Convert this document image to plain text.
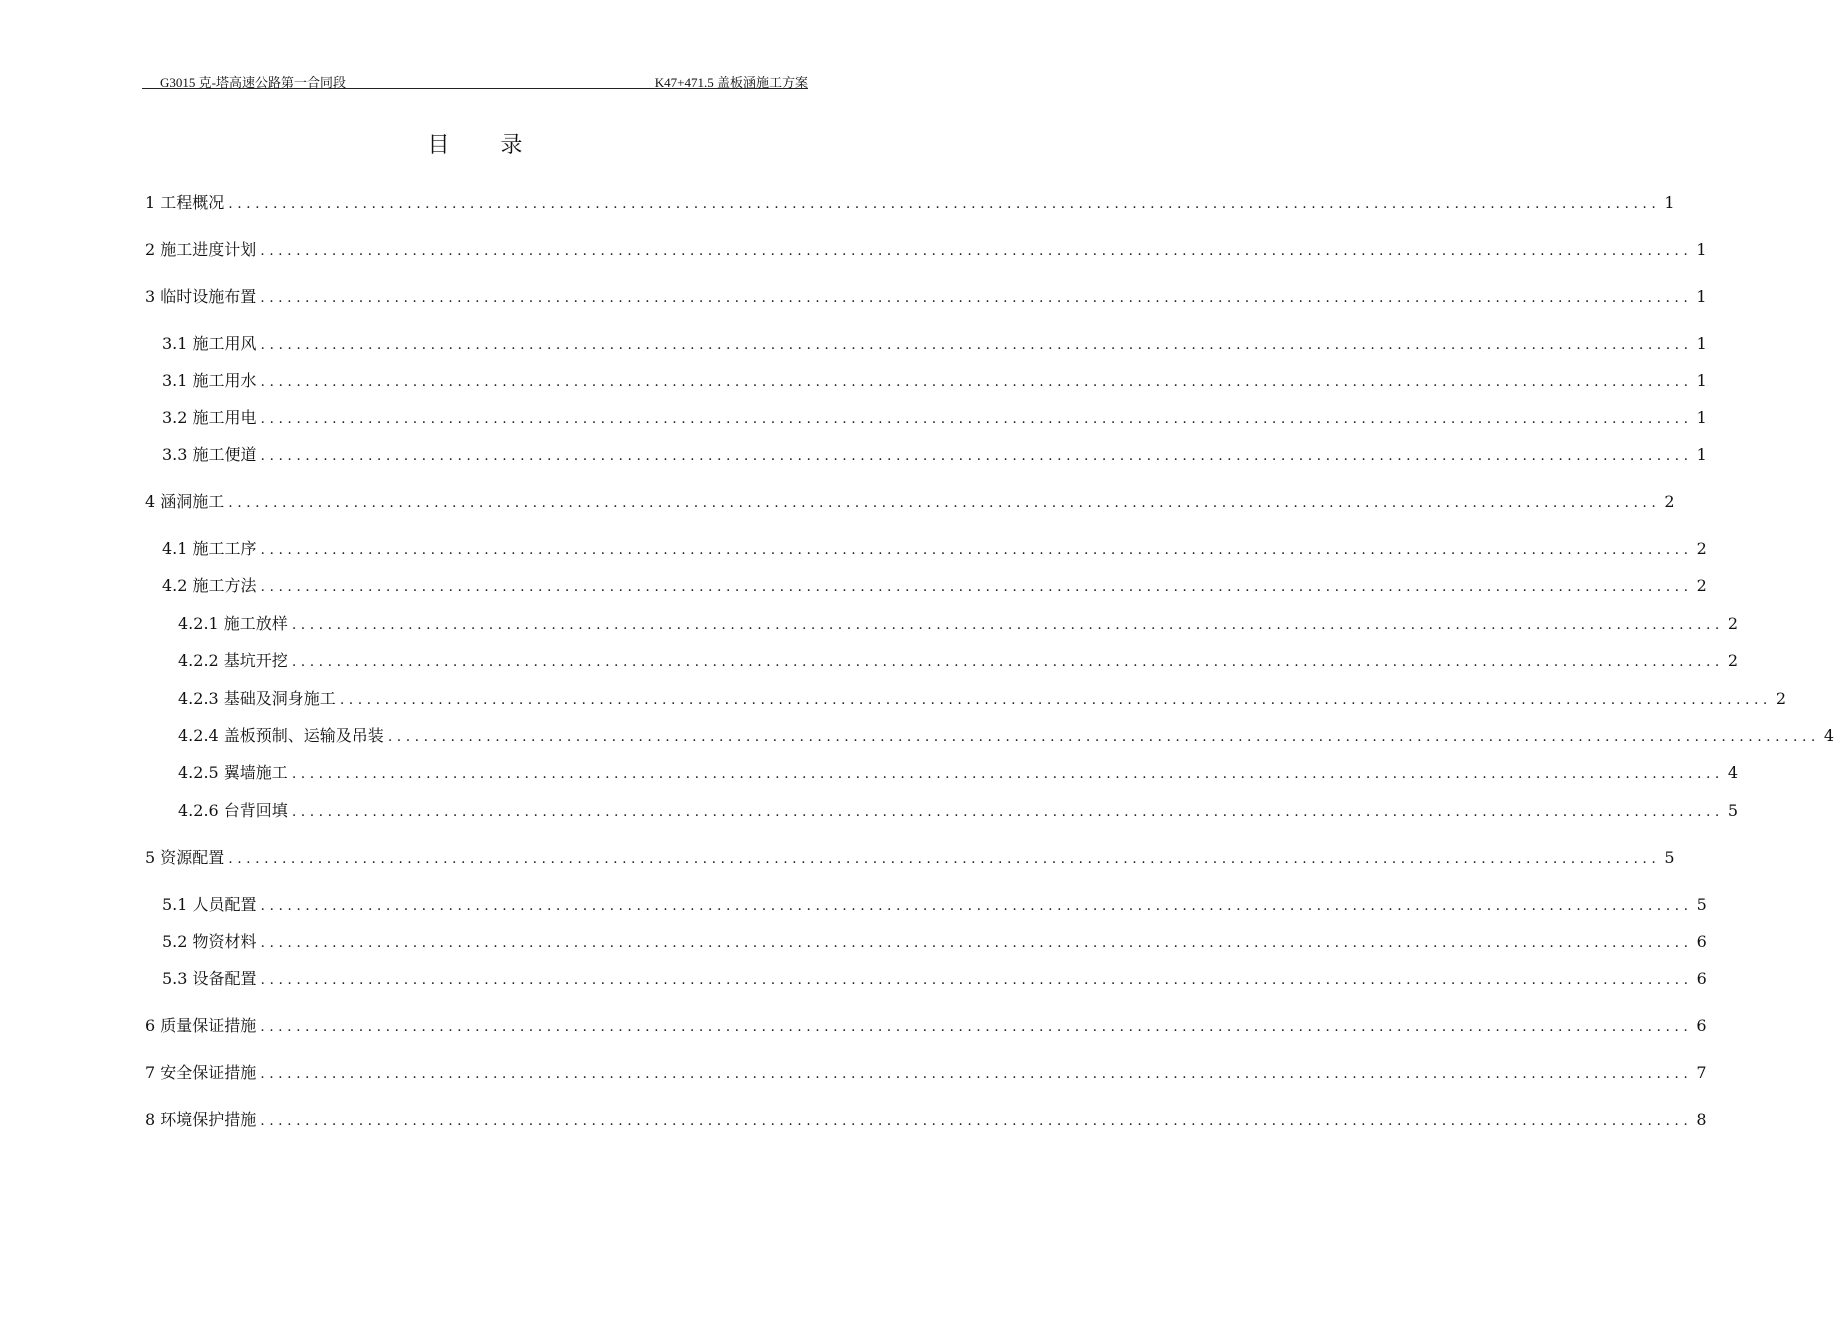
G3015 克-塔高速公路第一合同段	K47+471.5 盖板涵施工方案
目 录
1 工程概况 ................................................................................................................................................................ 1
2 施工进度计划 ................................................................................................................................................................ 1
3 临时设施布置 ................................................................................................................................................................ 1
3.1 施工用风 ................................................................................................................................................................ 1
3.1 施工用水 ................................................................................................................................................................ 1
3.2 施工用电 ................................................................................................................................................................ 1
3.3 施工便道 ................................................................................................................................................................ 1
4 涵洞施工 ................................................................................................................................................................ 2
4.1 施工工序 ................................................................................................................................................................ 2
4.2 施工方法 ................................................................................................................................................................ 2
4.2.1 施工放样 ................................................................................................................................................................ 2
4.2.2 基坑开挖 ................................................................................................................................................................ 2
4.2.3 基础及洞身施工 ................................................................................................................................................................ 2
4.2.4 盖板预制、运输及吊装 ................................................................................................................................................................ 4
4.2.5 翼墙施工 ................................................................................................................................................................ 4
4.2.6 台背回填 ................................................................................................................................................................ 5
5 资源配置 ................................................................................................................................................................ 5
5.1 人员配置 ................................................................................................................................................................ 5
5.2 物资材料 ................................................................................................................................................................ 6
5.3 设备配置 ................................................................................................................................................................ 6
6 质量保证措施 ................................................................................................................................................................ 6
7 安全保证措施 ................................................................................................................................................................ 7
8 环境保护措施 ................................................................................................................................................................ 8
